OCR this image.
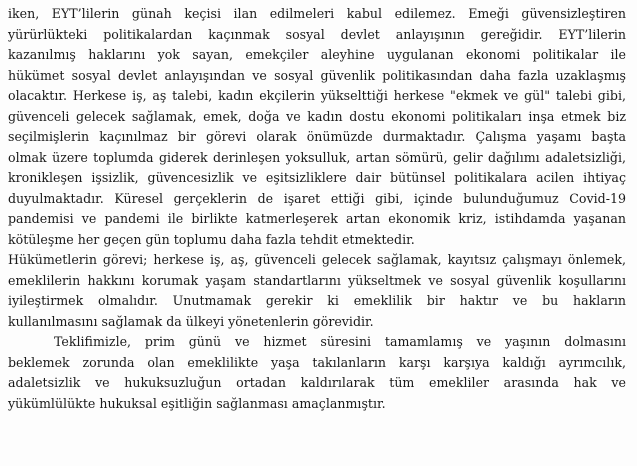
iken, EYT’lilerin günah keçisi ilan edilmeleri kabul edilemez. Emeği güvensizleştiren
yürürlükteki politikalardan kaçınmak sosyal devlet anlayışının gereğidir. EYT’lilerin
kazanılmış haklarını yok sayan, emekçiler aleyhine uygulanan ekonomi politikalar ile
hükümet sosyal devlet anlayışından ve sosyal güvenlik politikasından daha fazla uzaklaşmış
olacaktır. Herkese iş, aş talebi, kadın ekçilerin yükselttiği herkese "ekmek ve gül" talebi gibi,
güvenceli gelecek sağlamak, emek, doğa ve kadın dostu ekonomi politikaları inşa etmek biz
seçilmişlerin kaçınılmaz bir görevi olarak önümüzde durmaktadır. Çalışma yaşamı başta
olmak üzere toplumda giderek derinleşen yoksulluk, artan sömürü, gelir dağılımı adaletsizliği,
kronikleşen işsizlik, güvencesizlik ve eşitsizliklere dair bütünsel politikalara acilen ihtiyaç
duyulmaktadır. Küresel gerçeklerin de işaret ettiği gibi, içinde bulunduğumuz Covid-19
pandemisi ve pandemi ile birlikte katmerleşerek artan ekonomik kriz, istihdamda yaşanan
kötüleşme her geçen gün toplumu daha fazla tehdit etmektedir.
Hükümetlerin görevi; herkese iş, aş, güvenceli gelecek sağlamak, kayıtsız çalışmayı önlemek,
emeklilerin hakkını korumak yaşam standartlarını yükseltmek ve sosyal güvenlik koşullarını
iyileştirmek olmalıdır. Unutmamak gerekir ki emeklilik bir haktır ve bu hakların
kullanılmasını sağlamak da ülkeyi yönetenlerin görevidir.
Teklifimizle, prim günü ve hizmet süresini tamamlamış ve yaşının dolmasını
beklemek zorunda olan emeklilikte yaşa takılanların karşı karşıya kaldığı ayrımcılık,
adaletsizlik ve hukuksuzluğun ortadan kaldırılarak tüm emekliler arasında hak ve
yükümlülükte hukuksal eşitliğin sağlanması amaçlanmıştır.
